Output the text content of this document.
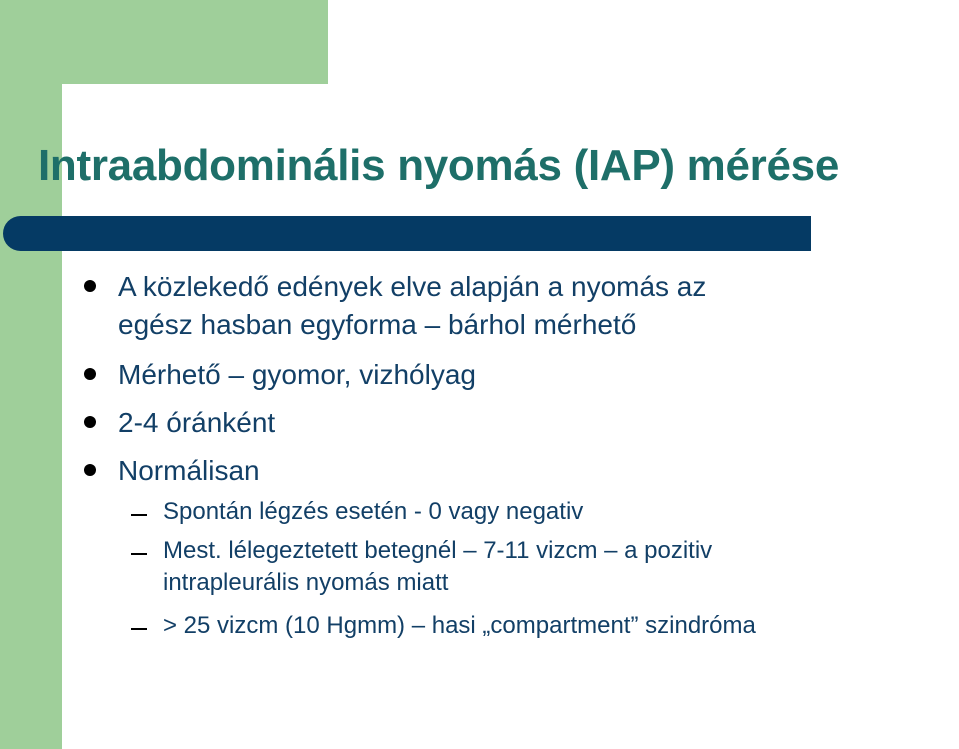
Intraabdominális nyomás (IAP) mérése
A közlekedő edények elve alapján a nyomás az
egész hasban egyforma – bárhol mérhető
Mérhető – gyomor, vizhólyag
2-4 óránként
Normálisan
Spontán légzés esetén - 0 vagy negativ
Mest. lélegeztetett betegnél – 7-11 vizcm – a pozitiv
intrapleurális nyomás miatt
> 25 vizcm (10 Hgmm) – hasi „compartment” szindróma
